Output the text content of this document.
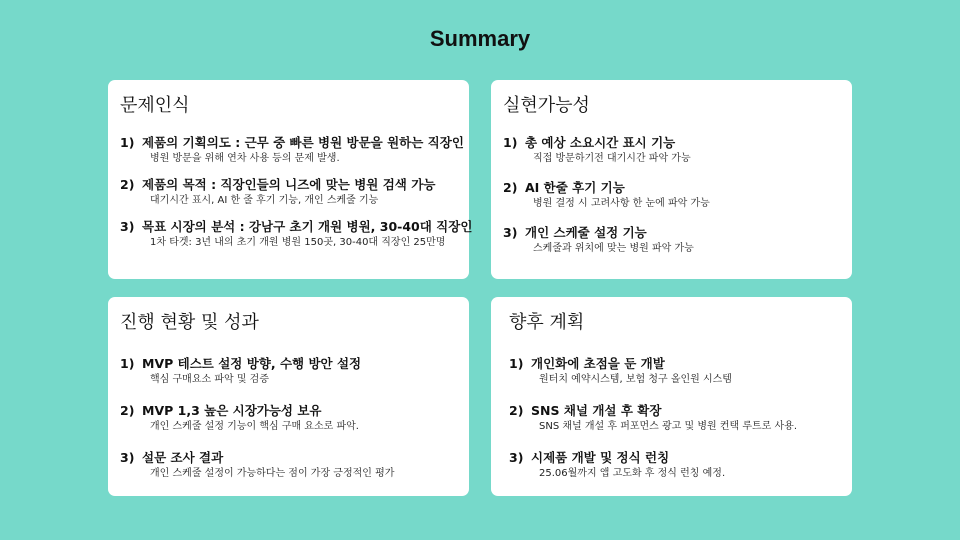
Summary
문제인식
1) 제품의 기획의도 : 근무 중 빠른 병원 방문을 원하는 직장인
병원 방문을 위해 연차 사용 등의 문제 발생.
2) 제품의 목적 : 직장인들의 니즈에 맞는 병원 검색 가능
대기시간 표시, AI 한 줄 후기 기능, 개인 스케줄 기능
3) 목표 시장의 분석 : 강남구 초기 개원 병원, 30-40대 직장인
1차 타겟: 3년 내의 초기 개원 병원 150곳, 30-40대 직장인 25만명
실현가능성
1) 총 예상 소요시간 표시 기능
직접 방문하기전 대기시간 파악 가능
2) AI 한줄 후기 기능
병원 결정 시 고려사항 한 눈에 파악 가능
3) 개인 스케줄 설정 기능
스케줄과 위치에 맞는 병원 파악 가능
진행 현황 및 성과
1) MVP 테스트 설정 방향, 수행 방안 설정
핵심 구매요소 파악 및 검증
2) MVP 1,3 높은 시장가능성 보유
개인 스케줄 설정 기능이 핵심 구매 요소로 파악.
3) 설문 조사 결과
개인 스케줄 설정이 가능하다는 점이 가장 긍정적인 평가
향후 계획
1) 개인화에 초점을 둔 개발
원터치 예약시스템, 보험 청구 올인원 시스템
2) SNS 채널 개설 후 확장
SNS 채널 개설 후 퍼포먼스 광고 및 병원 컨택 루트로 사용.
3) 시제품 개발 및 정식 런칭
25.06월까지 앱 고도화 후 정식 런칭 예정.
